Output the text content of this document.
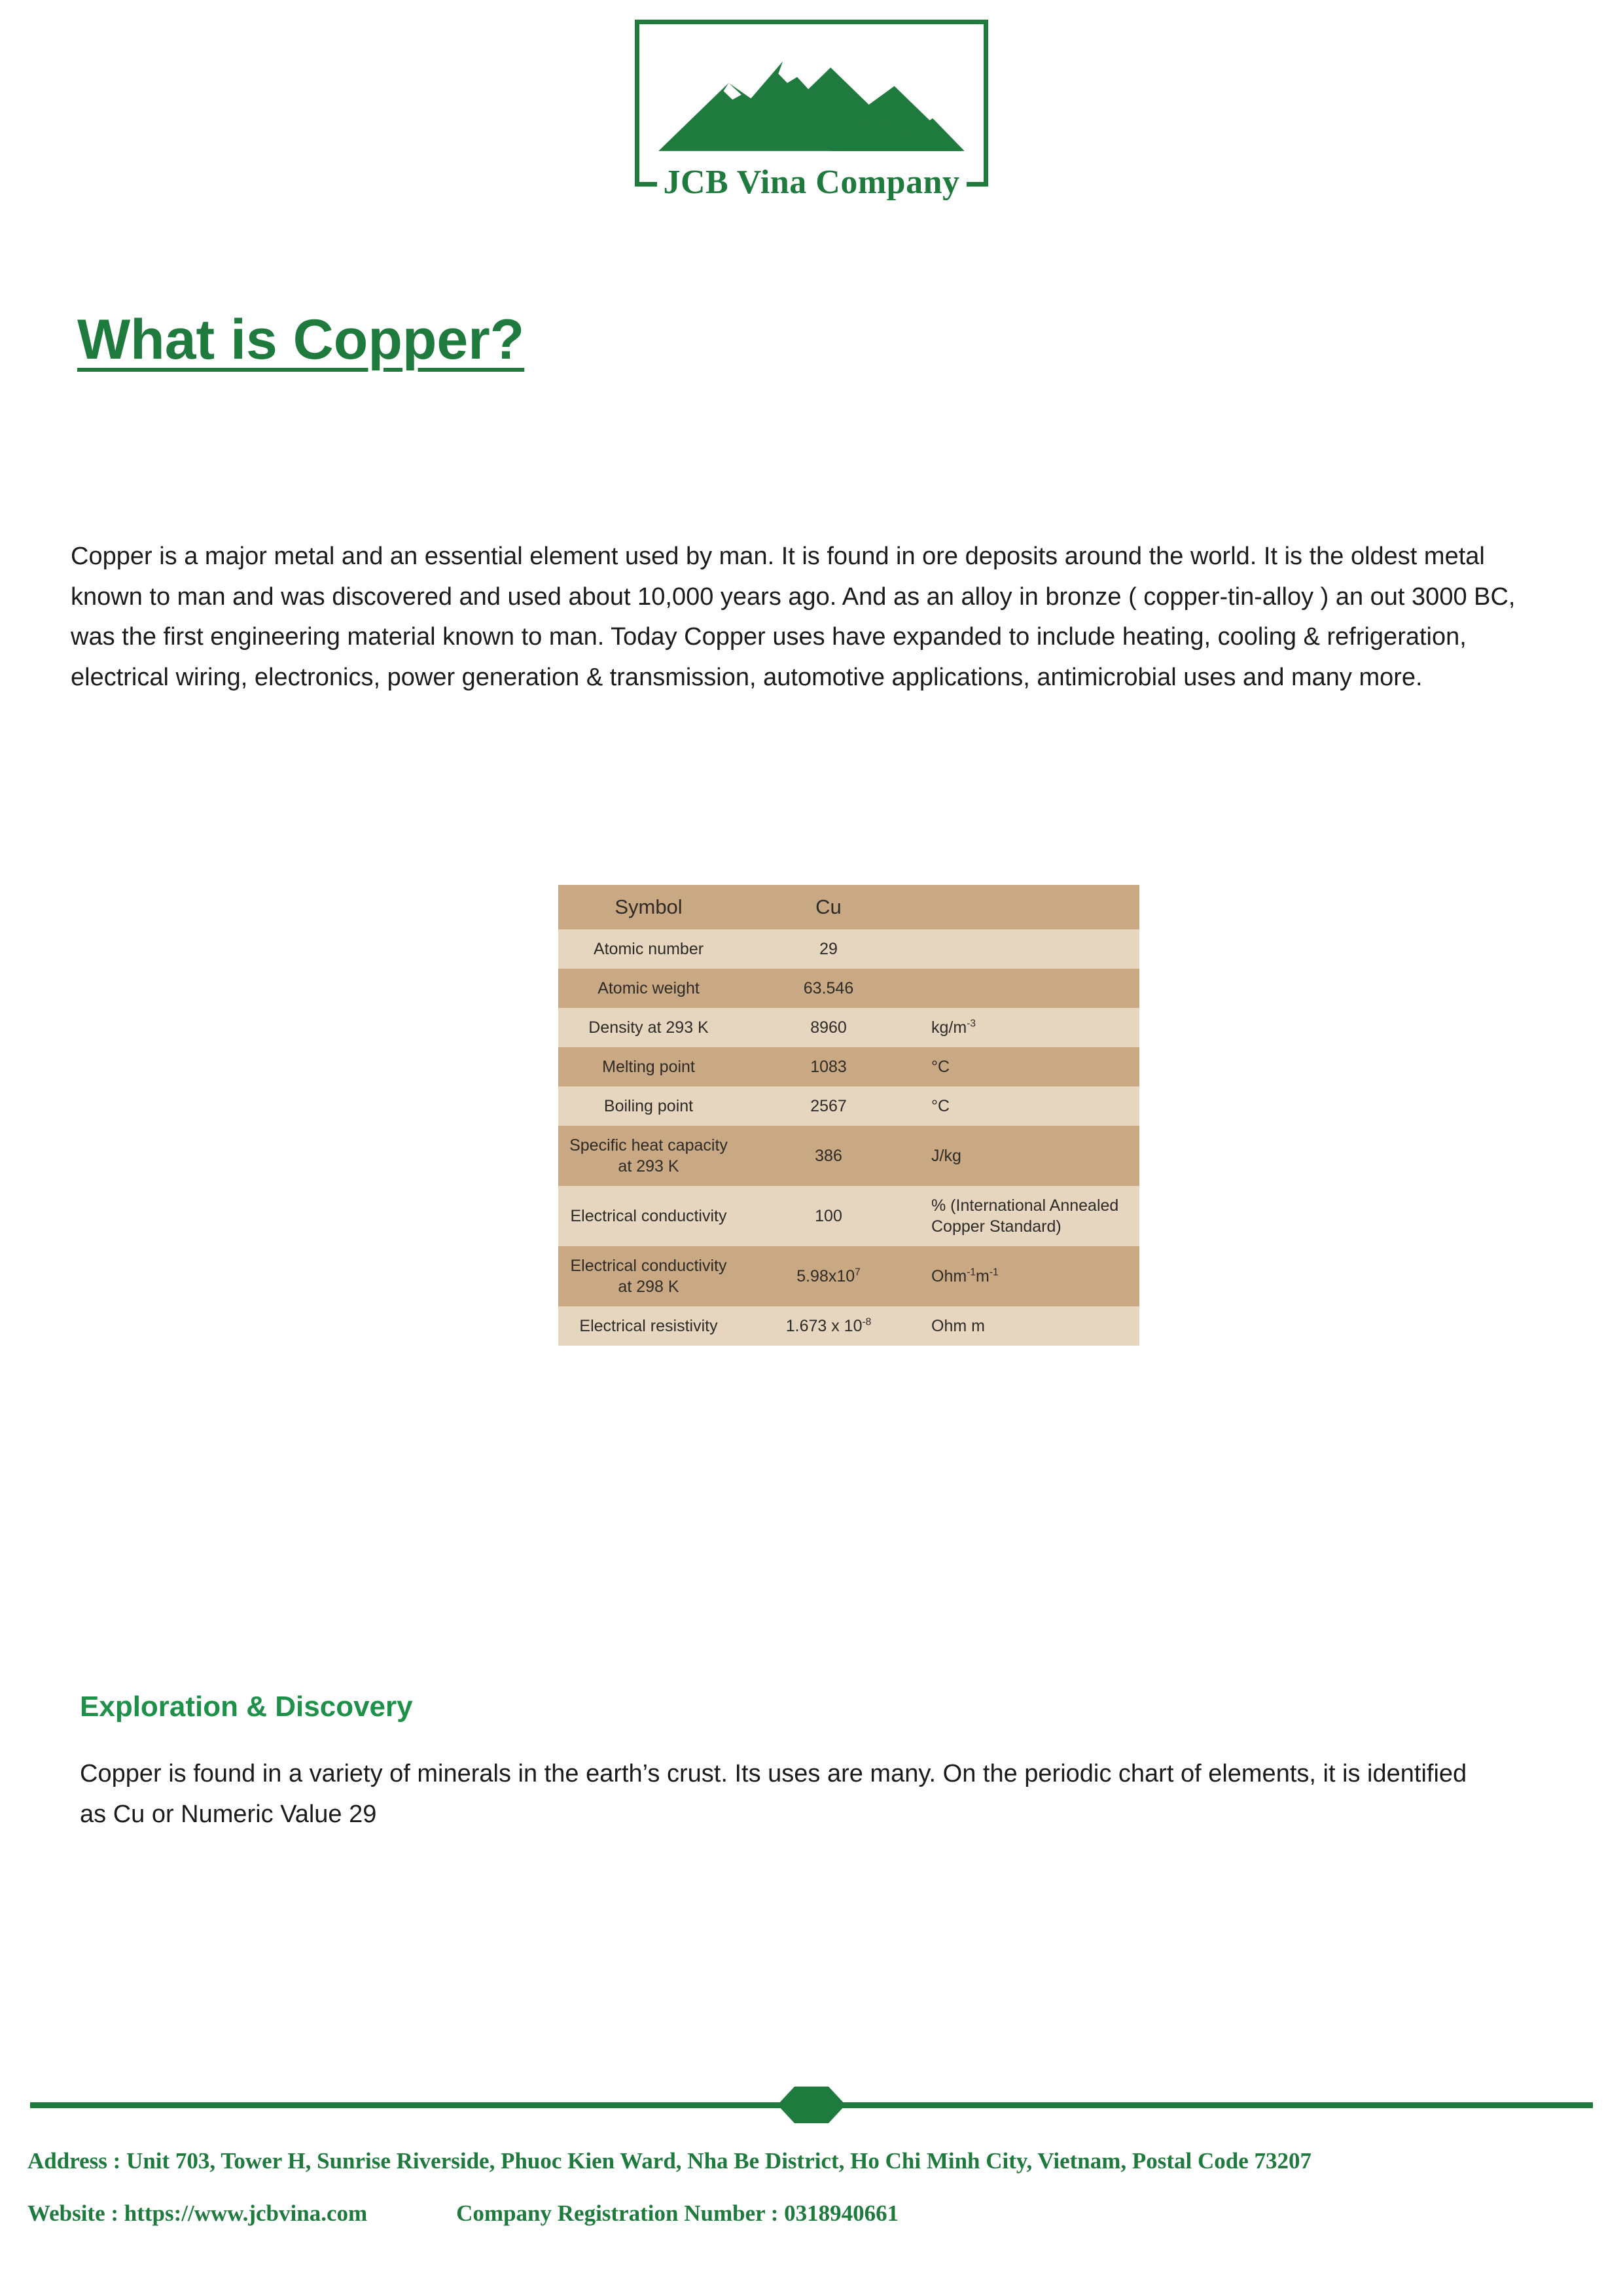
JCB Vina Company
What is Copper?
Copper is a major metal and an essential element used by man. It is found in ore deposits around the world. It is the oldest metal known to man and was discovered and used about 10,000 years ago. And as an alloy in bronze ( copper-tin-alloy ) an out 3000 BC, was the first engineering material known to man. Today Copper uses have expanded to include heating, cooling & refrigeration, electrical wiring, electronics, power generation & transmission, automotive applications, antimicrobial uses and many more.
Symbol	Cu	
Atomic number	29	
Atomic weight	63.546	
Density at 293 K	8960	$kg/m^{-3}$
Melting point	1083	°C
Boiling point	2567	°C
Specific heat capacity at 293 K	386	J/kg
Electrical conductivity	100	% (International Annealed Copper Standard)
Electrical conductivity at 298 K	$5.98x10^7$	$Ohm^{-1}m^{-1}$
Electrical resistivity	1.673 x $10^{-8}$	Ohm m
Exploration & Discovery
Copper is found in a variety of minerals in the earth’s crust. Its uses are many. On the periodic chart of elements, it is identified as Cu or Numeric Value 29
Address : Unit 703, Tower H, Sunrise Riverside, Phuoc Kien Ward, Nha Be District, Ho Chi Minh City, Vietnam, Postal Code 73207
Website : https://www.jcbvina.com	Company Registration Number : 0318940661
